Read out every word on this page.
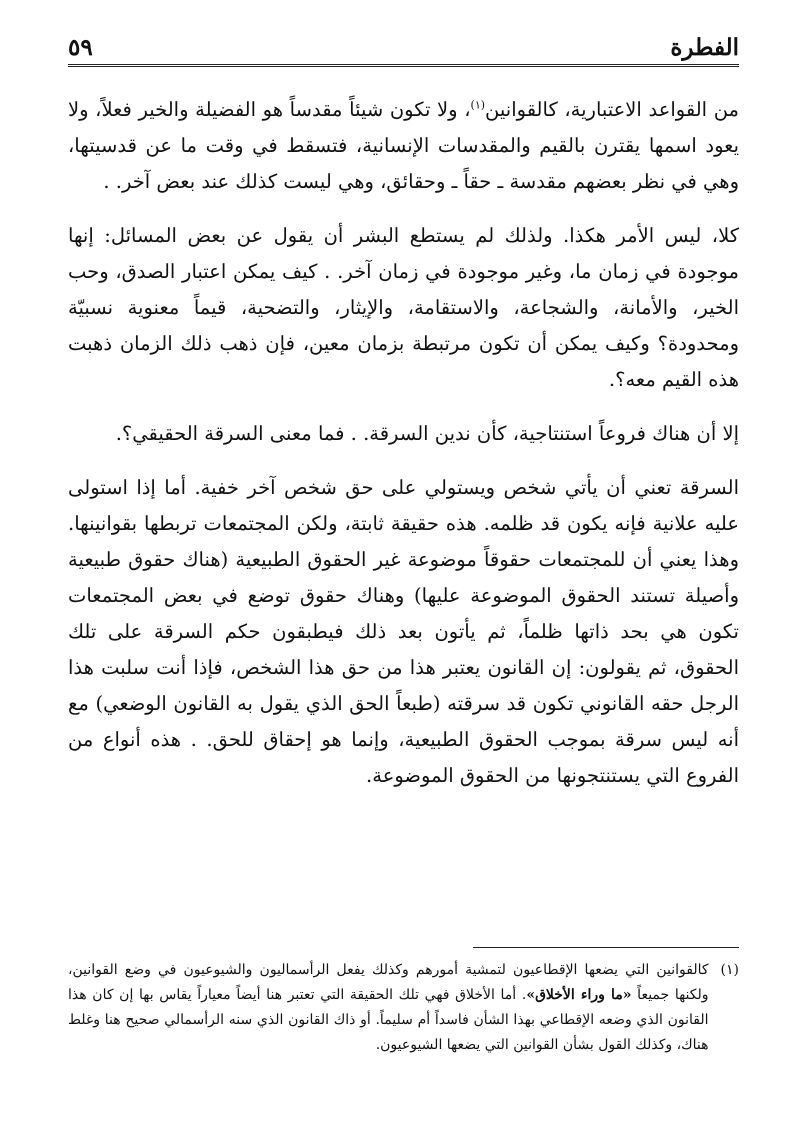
الفطرة
٥٩

من القواعد الاعتبارية، كالقوانين$^{(١)}$، ولا تكون شيئاً مقدساً هو الفضيلة والخير فعلاً، ولا يعود اسمها يقترن بالقيم والمقدسات الإنسانية، فتسقط في وقت ما عن قدسيتها، وهي في نظر بعضهم مقدسة ـ حقاً ـ وحقائق، وهي ليست كذلك عند بعض آخر. .

كلا، ليس الأمر هكذا. ولذلك لم يستطع البشر أن يقول عن بعض المسائل: إنها موجودة في زمان ما، وغير موجودة في زمان آخر. . كيف يمكن اعتبار الصدق، وحب الخير، والأمانة، والشجاعة، والاستقامة، والإيثار، والتضحية، قيماً معنوية نسبيّة ومحدودة؟ وكيف يمكن أن تكون مرتبطة بزمان معين، فإن ذهب ذلك الزمان ذهبت هذه القيم معه؟.

إلا أن هناك فروعاً استنتاجية، كأن ندين السرقة. . فما معنى السرقة الحقيقي؟.

السرقة تعني أن يأتي شخص ويستولي على حق شخص آخر خفية. أما إذا استولى عليه علانية فإنه يكون قد ظلمه. هذه حقيقة ثابتة، ولكن المجتمعات تربطها بقوانينها. وهذا يعني أن للمجتمعات حقوقاً موضوعة غير الحقوق الطبيعية (هناك حقوق طبيعية وأصيلة تستند الحقوق الموضوعة عليها) وهناك حقوق توضع في بعض المجتمعات تكون هي بحد ذاتها ظلماً، ثم يأتون بعد ذلك فيطبقون حكم السرقة على تلك الحقوق، ثم يقولون: إن القانون يعتبر هذا من حق هذا الشخص، فإذا أنت سلبت هذا الرجل حقه القانوني تكون قد سرقته (طبعاً الحق الذي يقول به القانون الوضعي) مع أنه ليس سرقة بموجب الحقوق الطبيعية، وإنما هو إحقاق للحق. . هذه أنواع من الفروع التي يستنتجونها من الحقوق الموضوعة.

(١)
كالقوانين التي يضعها الإقطاعيون لتمشية أمورهم وكذلك يفعل الرأسماليون والشيوعيون في وضع القوانين، ولكنها جميعاً «ما وراء الأخلاق». أما الأخلاق فهي تلك الحقيقة التي تعتبر هنا أيضاً معياراً يقاس بها إن كان هذا القانون الذي وضعه الإقطاعي بهذا الشأن فاسداً أم سليماً. أو ذاك القانون الذي سنه الرأسمالي صحيح هنا وغلط هناك، وكذلك القول بشأن القوانين التي يضعها الشيوعيون.
